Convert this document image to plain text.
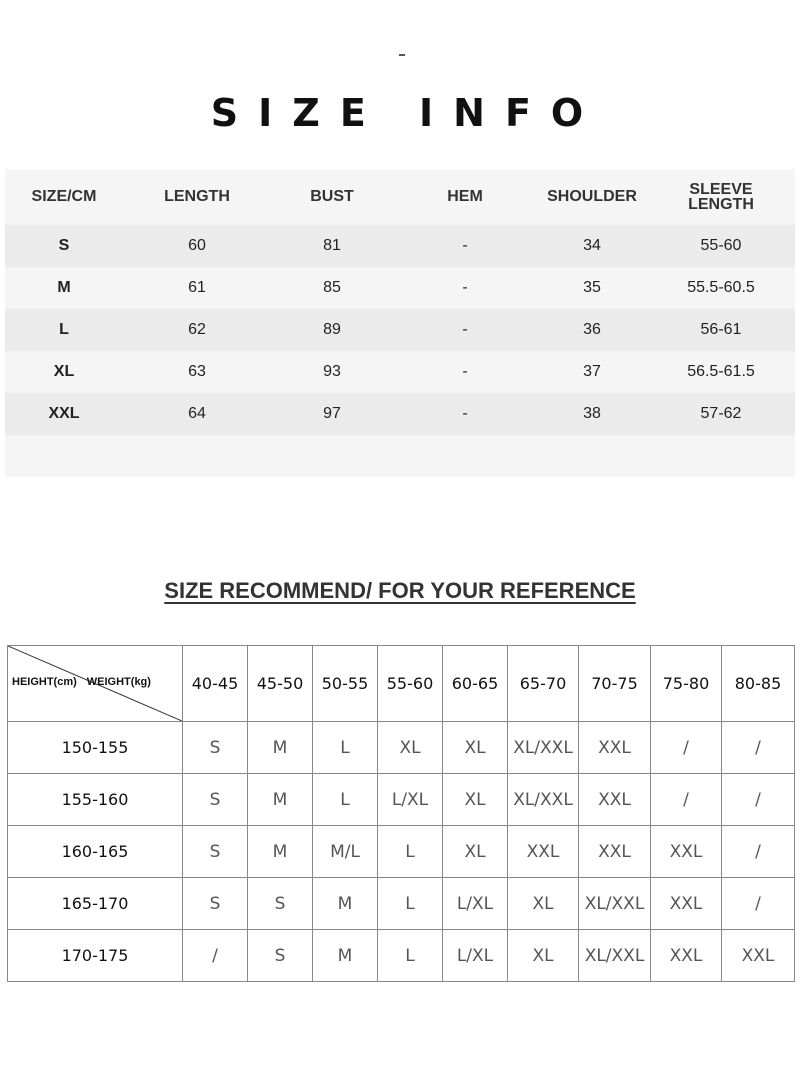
SIZE INFO
SIZE/CM	LENGTH	BUST	HEM	SHOULDER	SLEEVE
LENGTH
S	60	81	-	34	55-60
M	61	85	-	35	55.5-60.5
L	62	89	-	36	56-61
XL	63	93	-	37	56.5-61.5
XXL	64	97	-	38	57-62

SIZE RECOMMEND/ FOR YOUR REFERENCE
HEIGHT(cm) WEIGHT(kg)	40-45	45-50	50-55	55-60	60-65	65-70	70-75	75-80	80-85
150-155	S	M	L	XL	XL	XL/XXL	XXL	/	/
155-160	S	M	L	L/XL	XL	XL/XXL	XXL	/	/
160-165	S	M	M/L	L	XL	XXL	XXL	XXL	/
165-170	S	S	M	L	L/XL	XL	XL/XXL	XXL	/
170-175	/	S	M	L	L/XL	XL	XL/XXL	XXL	XXL
